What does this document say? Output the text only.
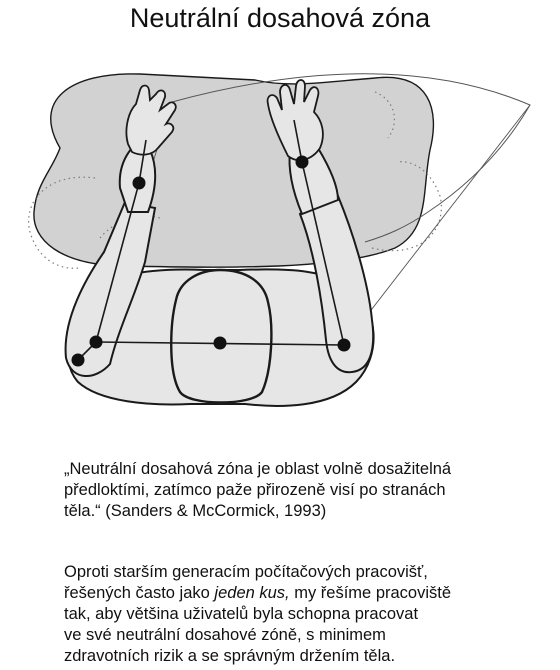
Neutrální dosahová zóna
„Neutrální dosahová zóna je oblast volně dosažitelná
předloktími, zatímco paže přirozeně visí po stranách
těla.“ (Sanders & McCormick, 1993)
Oproti starším generacím počítačových pracovišť,
řešených často jako jeden kus, my řešíme pracoviště
tak, aby většina uživatelů byla schopna pracovat
ve své neutrální dosahové zóně, s minimem
zdravotních rizik a se správným držením těla.
